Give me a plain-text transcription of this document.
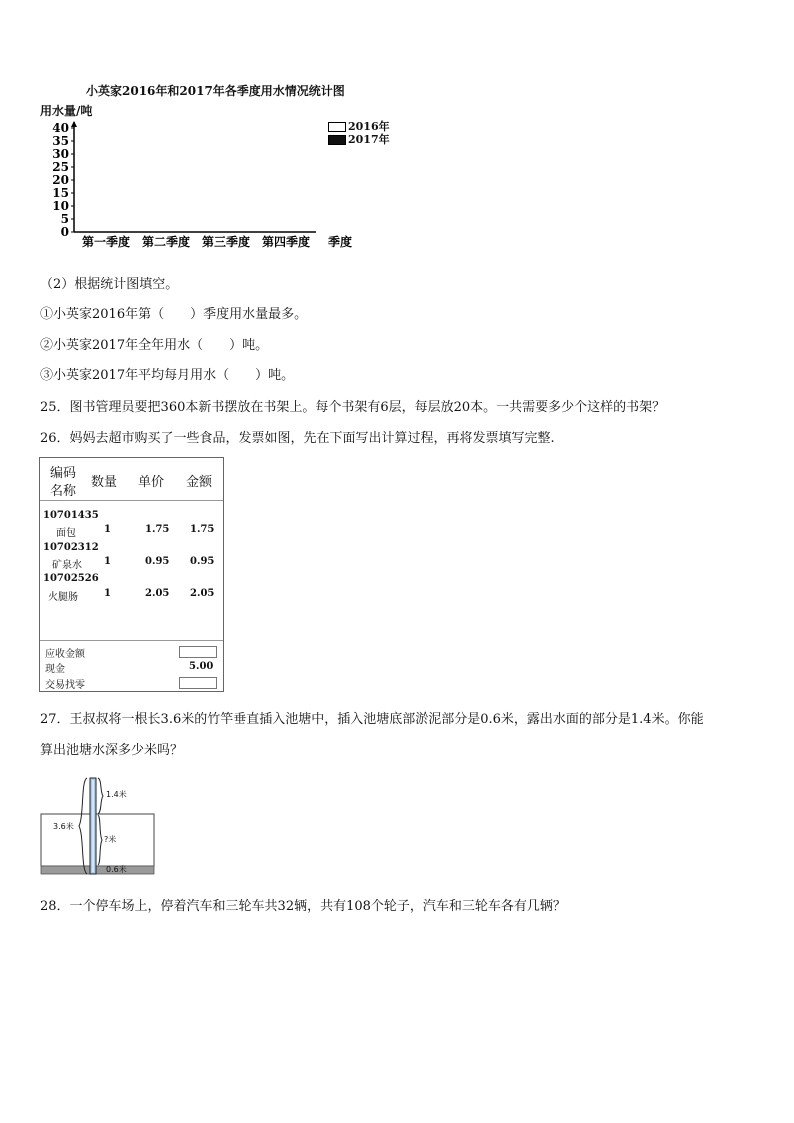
小英家2016年和2017年各季度用水情况统计图
用水量/吨
0
5
10
15
20
25
30
35
40
第一季度 第二季度 第三季度 第四季度 季度
2016年
2017年
（2）根据统计图填空。
①小英家2016年第（　　）季度用水量最多。
②小英家2017年全年用水（　　）吨。
③小英家2017年平均每月用水（　　）吨。
25．图书管理员要把360本新书摆放在书架上。每个书架有6层，每层放20本。一共需要多少个这样的书架？
26．妈妈去超市购买了一些食品，发票如图，先在下面写出计算过程，再将发票填写完整.
编码
名称
数量 单价 金额
10701435
面包	1	1.75 1.75
10702312
矿泉水 1	0.95 0.95
10702526
火腿肠	1	2.05 2.05
应收金额
现金	5.00
交易找零
27．王叔叔将一根长3.6米的竹竿垂直插入池塘中，插入池塘底部淤泥部分是0.6米，露出水面的部分是1.4米。你能
算出池塘水深多少米吗？
1.4米
3.6米
?米
0.6米
28．一个停车场上，停着汽车和三轮车共32辆，共有108个轮子，汽车和三轮车各有几辆？
